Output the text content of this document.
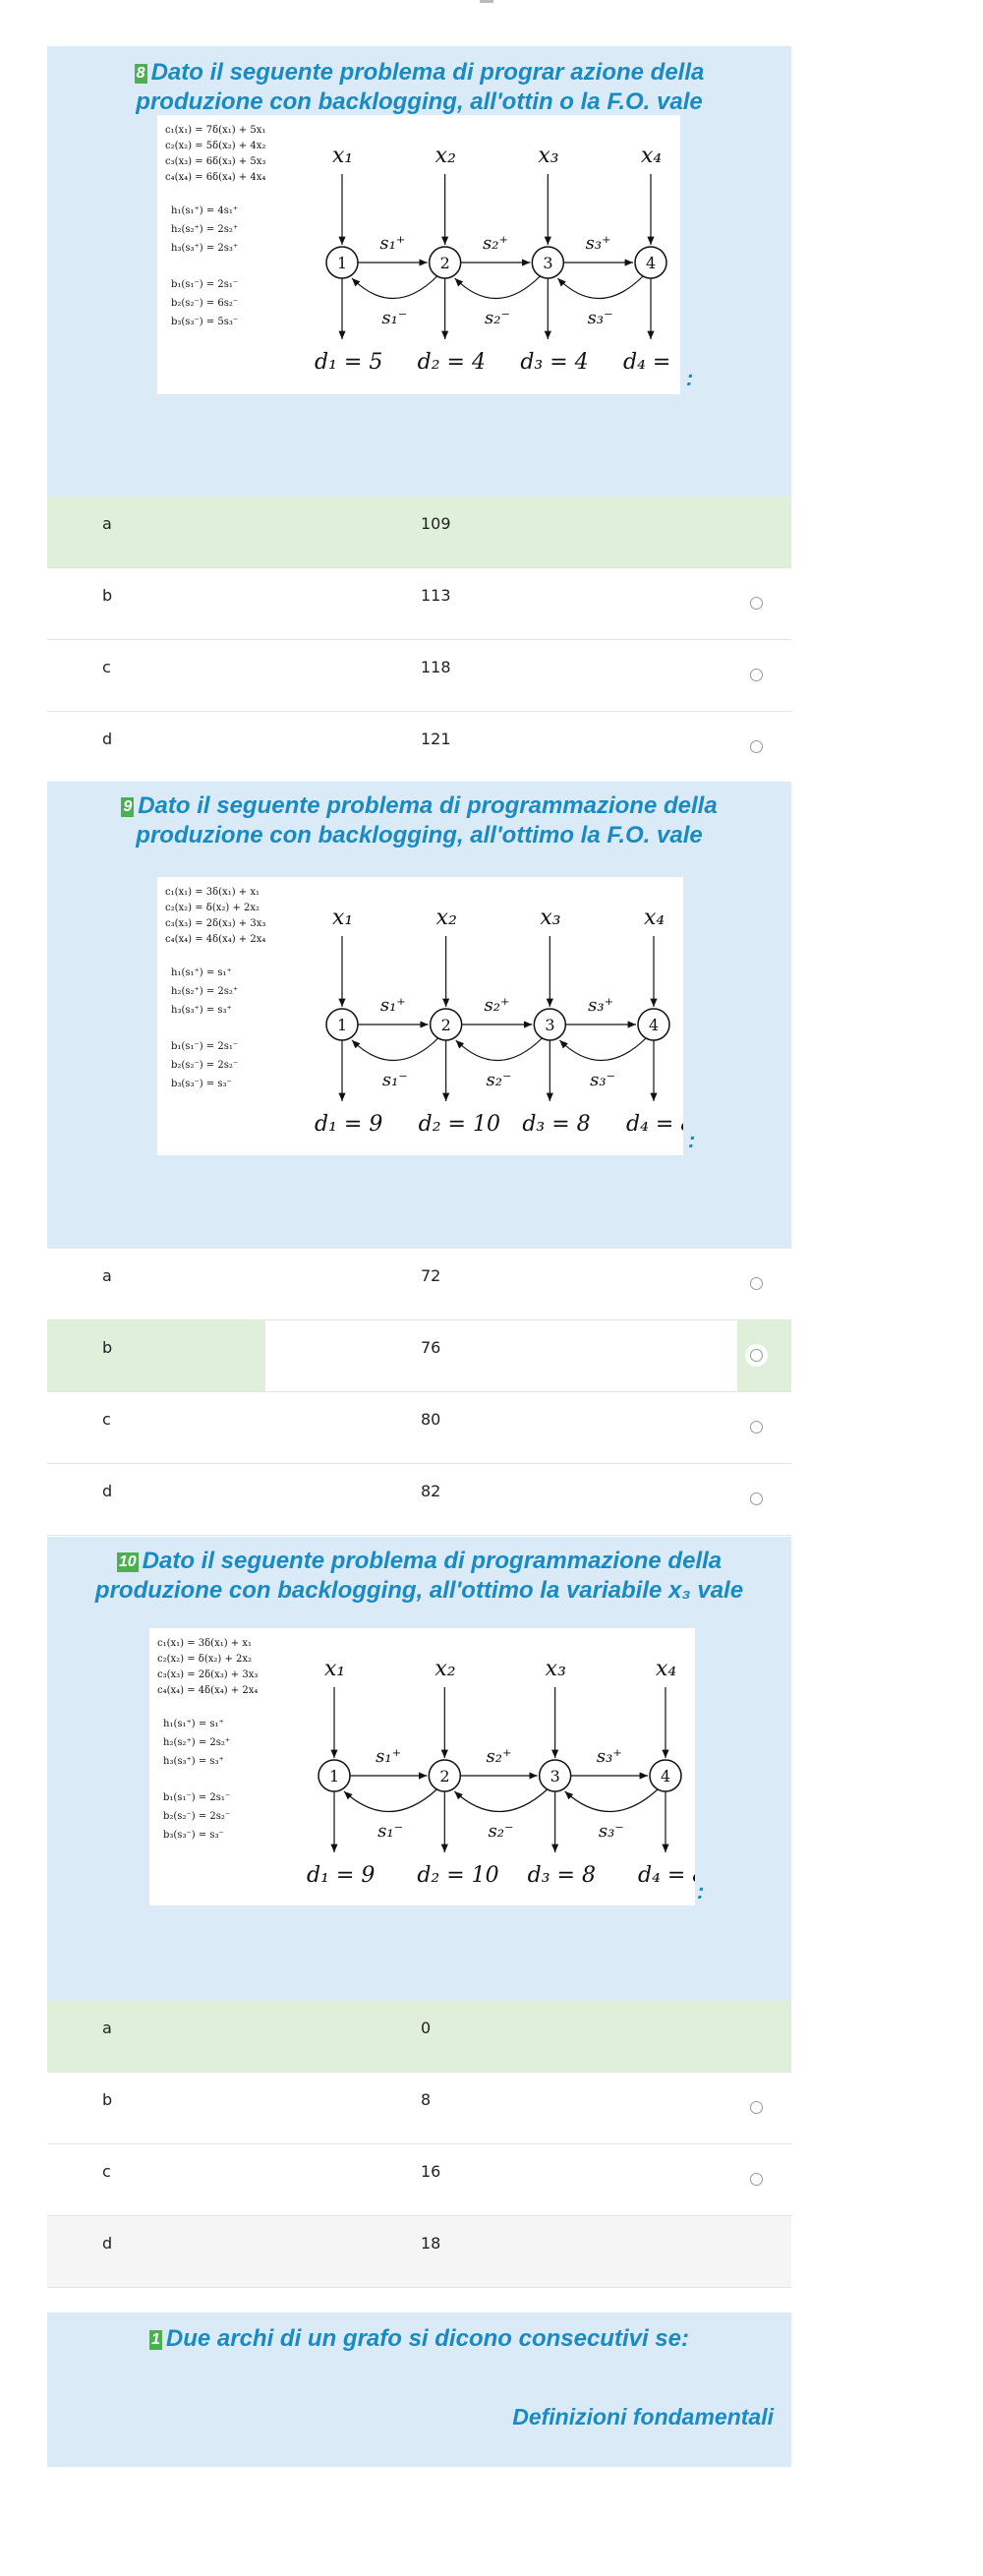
8 Dato il seguente problema di prograr azione della
produzione con backlogging, all'ottin o la F.O. vale
c₁(x₁) = 7δ(x₁) + 5x₁
c₂(x₂) = 5δ(x₂) + 4x₂
c₃(x₃) = 6δ(x₃) + 5x₃
c₄(x₄) = 6δ(x₄) + 4x₄
h₁(s₁⁺) = 4s₁⁺
h₂(s₂⁺) = 2s₂⁺
h₃(s₃⁺) = 2s₃⁺
b₁(s₁⁻) = 2s₁⁻
b₂(s₂⁻) = 6s₂⁻
b₃(s₃⁻) = 5s₃⁻
x₁
1
d₁ = 5
x₂
2
d₂ = 4
x₃
3
d₃ = 4
x₄
4
d₄ =
s₁⁺
s₁⁻
s₂⁺
s₂⁻
s₃⁺
s₃⁻
:
a	109
b	113
c	118
d	121
9 Dato il seguente problema di programmazione della
produzione con backlogging, all'ottimo la F.O. vale
c₁(x₁) = 3δ(x₁) + x₁
c₂(x₂) = δ(x₂) + 2x₂
c₃(x₃) = 2δ(x₃) + 3x₃
c₄(x₄) = 4δ(x₄) + 2x₄
h₁(s₁⁺) = s₁⁺
h₂(s₂⁺) = 2s₂⁺
h₃(s₃⁺) = s₃⁺
b₁(s₁⁻) = 2s₁⁻
b₂(s₂⁻) = 2s₂⁻
b₃(s₃⁻) = s₃⁻
x₁
1
d₁ = 9
x₂
2
d₂ = 10
x₃
3
d₃ = 8
x₄
4
d₄ =
s₁⁺
s₁⁻
s₂⁺
s₂⁻
s₃⁺
s₃⁻
:
a	72
b	76
c	80
d	82
10 Dato il seguente problema di programmazione della
produzione con backlogging, all'ottimo la variabile x₃ vale
c₁(x₁) = 3δ(x₁) + x₁
c₂(x₂) = δ(x₂) + 2x₂
c₃(x₃) = 2δ(x₃) + 3x₃
c₄(x₄) = 4δ(x₄) + 2x₄
h₁(s₁⁺) = s₁⁺
h₂(s₂⁺) = 2s₂⁺
h₃(s₃⁺) = s₃⁺
b₁(s₁⁻) = 2s₁⁻
b₂(s₂⁻) = 2s₂⁻
b₃(s₃⁻) = s₃⁻
x₁
1
d₁ = 9
x₂
2
d₂ = 10
x₃
3
d₃ = 8
x₄
4
d₄ =
s₁⁺
s₁⁻
s₂⁺
s₂⁻
s₃⁺
s₃⁻
:
a	0
b	8
c	16
d	18
1 Due archi di un grafo si dicono consecutivi se:
Definizioni fondamentali
